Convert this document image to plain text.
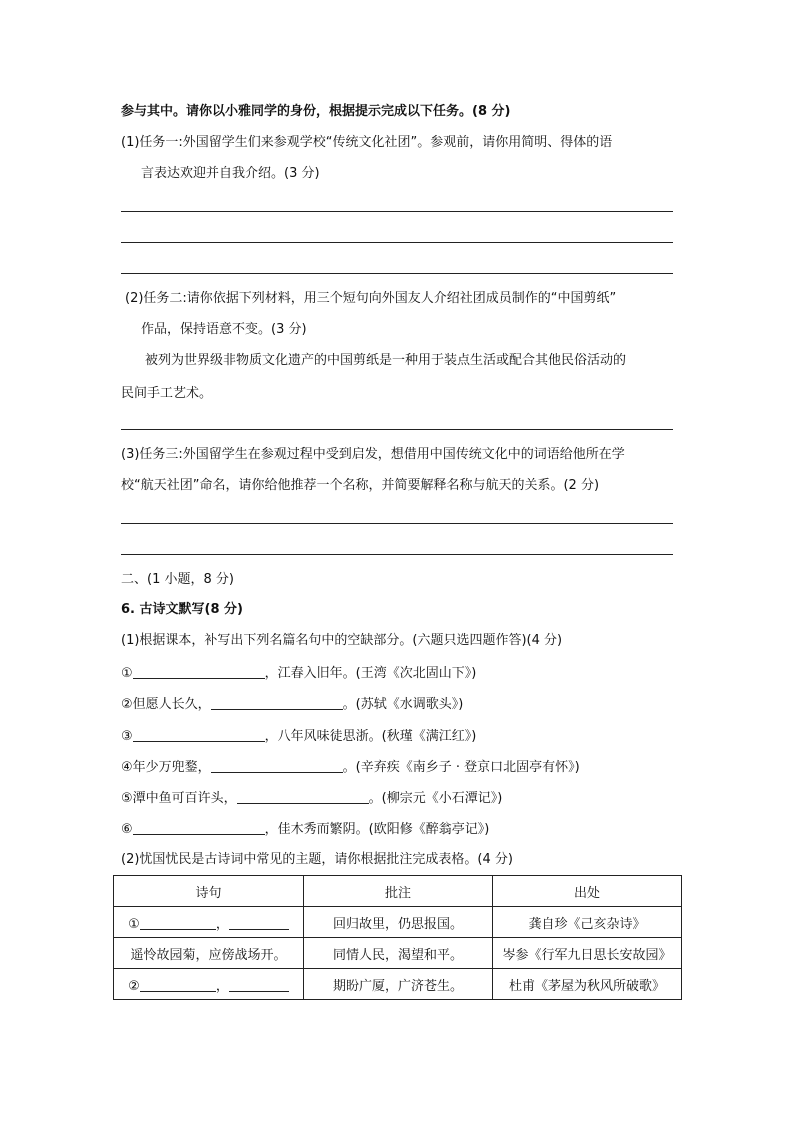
参与其中。请你以小雅同学的身份，根据提示完成以下任务。(8 分)
(1)任务一:外国留学生们来参观学校“传统文化社团”。参观前，请你用简明、得体的语
言表达欢迎并自我介绍。(3 分)
(2)任务二:请你依据下列材料，用三个短句向外国友人介绍社团成员制作的“中国剪纸”
作品，保持语意不变。(3 分)
被列为世界级非物质文化遗产的中国剪纸是一种用于装点生活或配合其他民俗活动的
民间手工艺术。
(3)任务三:外国留学生在参观过程中受到启发，想借用中国传统文化中的词语给他所在学
校“航天社团”命名，请你给他推荐一个名称，并简要解释名称与航天的关系。(2 分)
二、(1 小题，8 分)
6. 古诗文默写(8 分)
(1)根据课本，补写出下列名篇名句中的空缺部分。(六题只选四题作答)(4 分)
①	，江春入旧年。(王湾《次北固山下》)
②但愿人长久，	。(苏轼《水调歌头》)
③	，八年风味徒思浙。(秋瑾《满江红》)
④年少万兜鍪，	。(辛弃疾《南乡子 · 登京口北固亭有怀》)
⑤潭中鱼可百许头，	。(柳宗元《小石潭记》)
⑥	，佳木秀而繁阴。(欧阳修《醉翁亭记》)
(2)忧国忧民是古诗词中常见的主题，请你根据批注完成表格。(4 分)
诗句	批注	出处
① ，	回归故里，仍思报国。	龚自珍《己亥杂诗》
遥怜故园菊，应傍战场开。	同情人民，渴望和平。	岑参《行军九日思长安故园》
② ，	期盼广厦，广济苍生。	杜甫《茅屋为秋风所破歌》
